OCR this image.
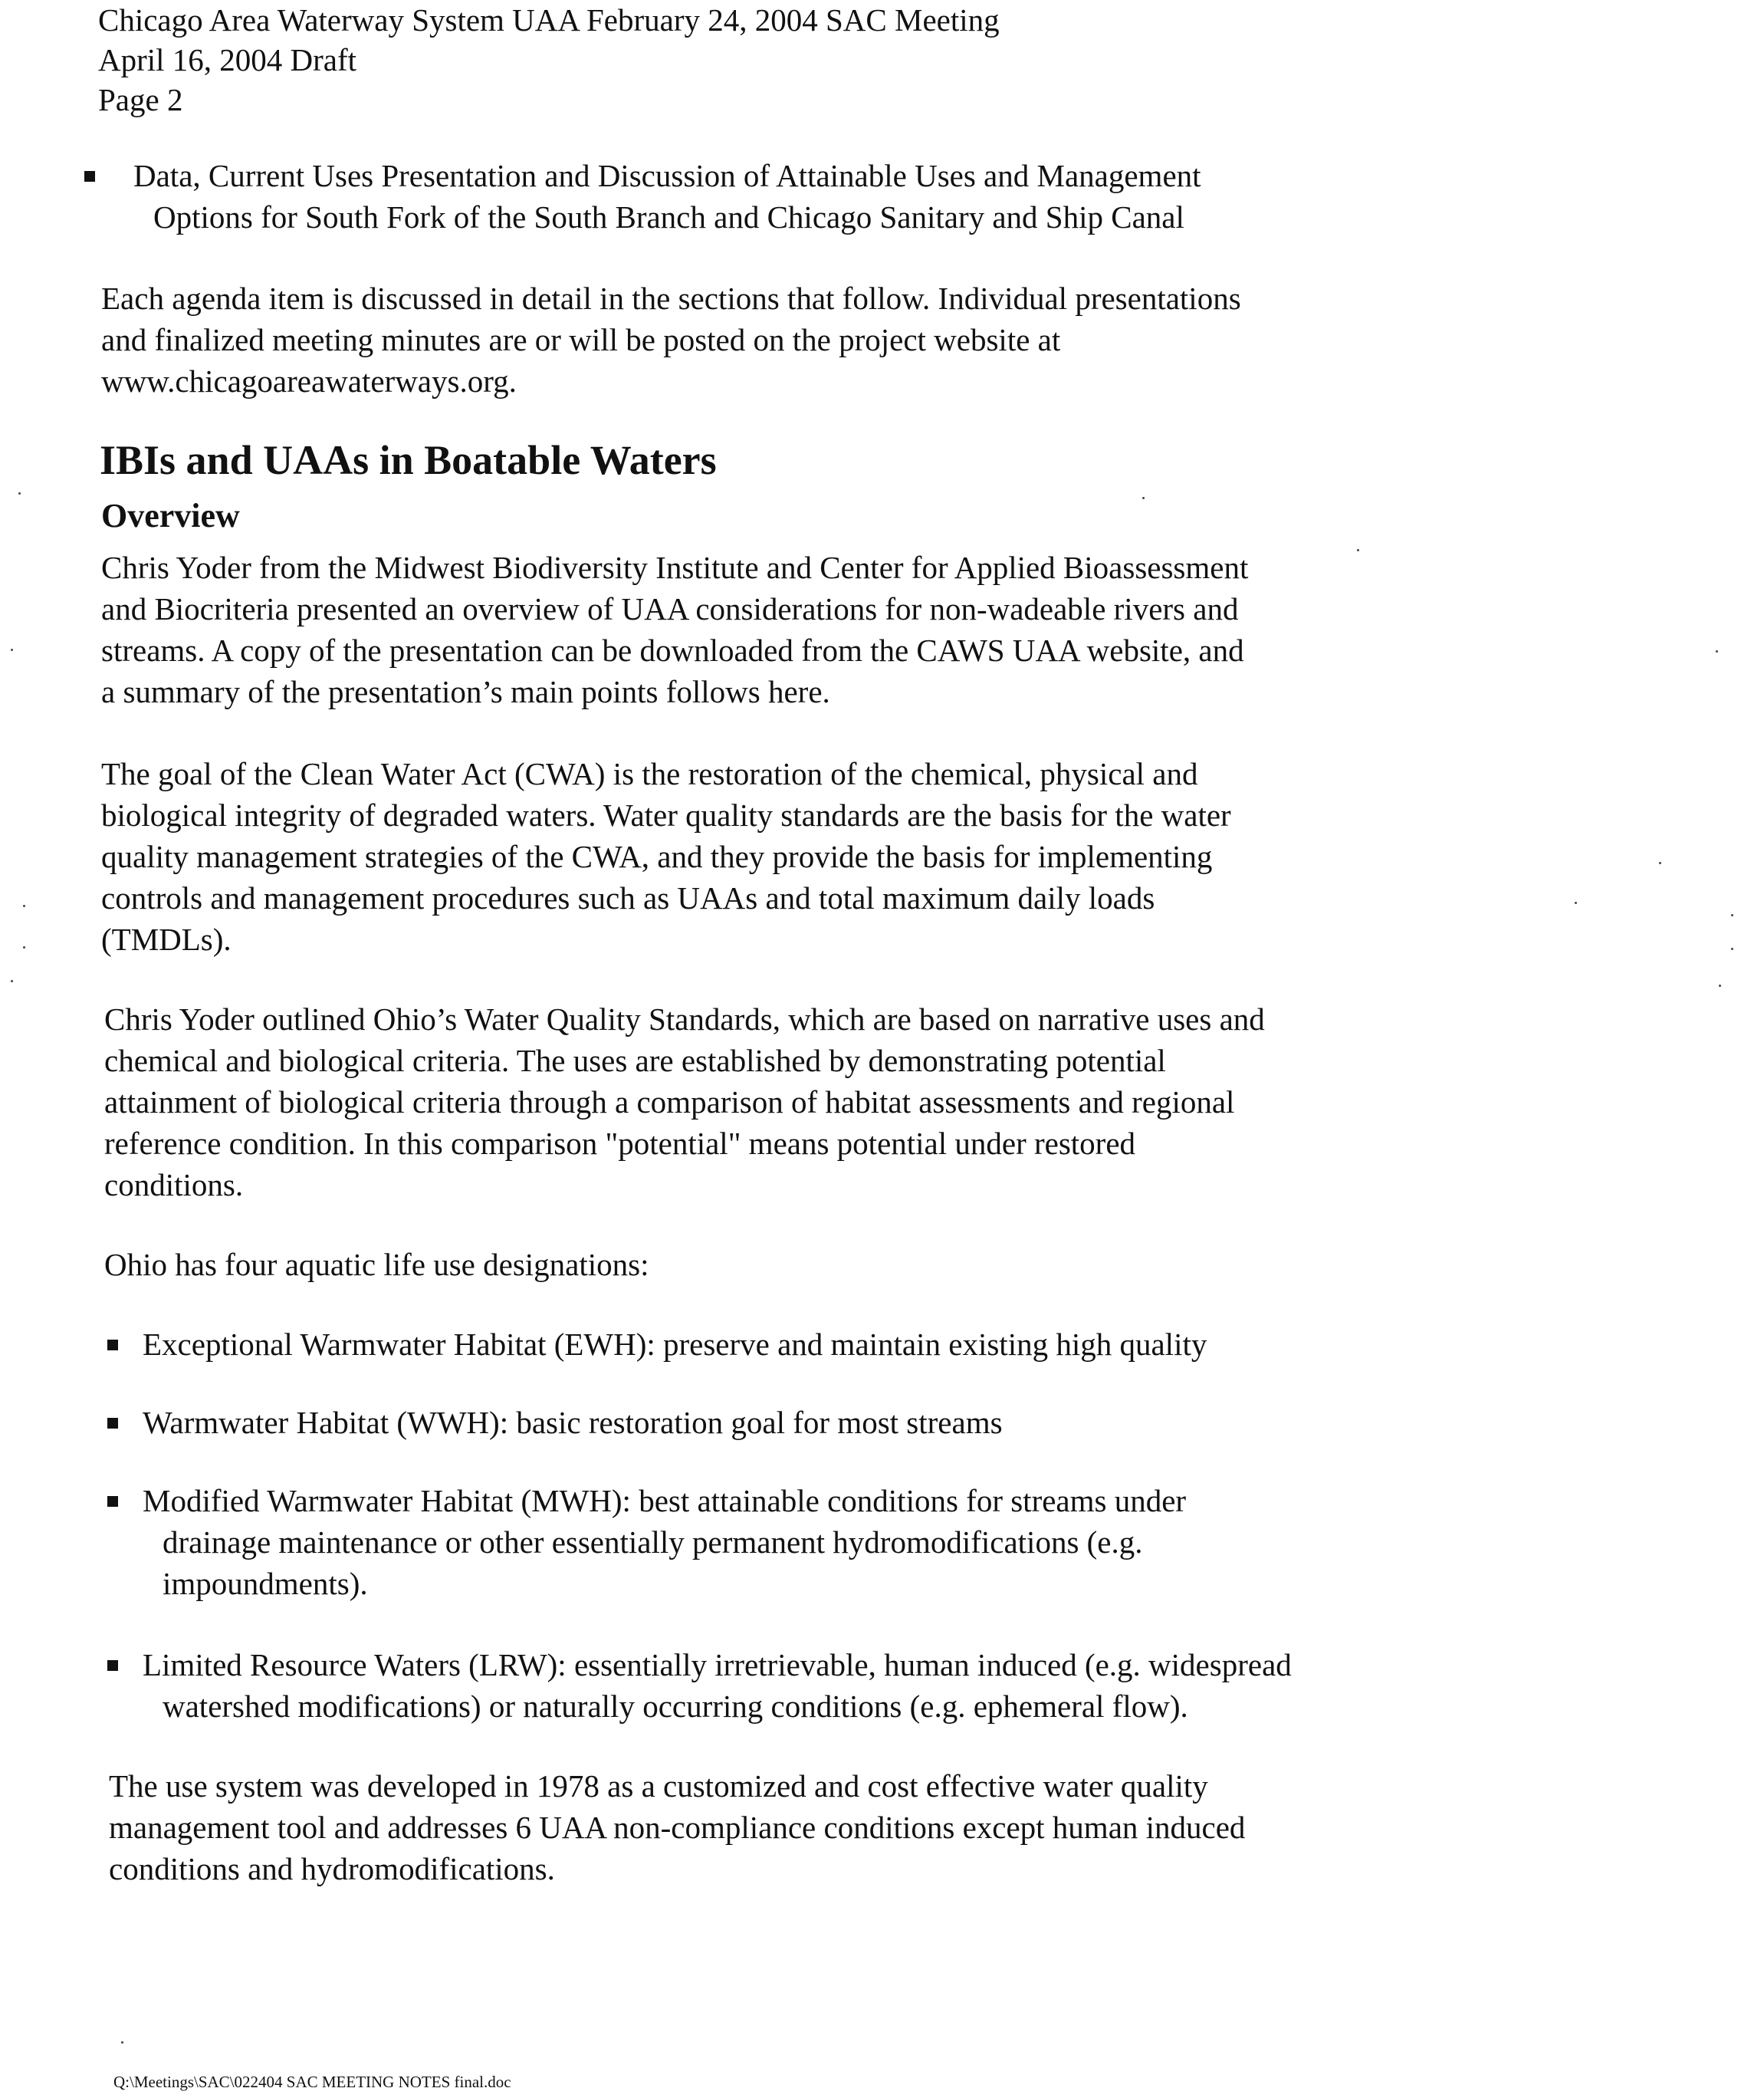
Chicago Area Waterway System UAA February 24, 2004 SAC Meeting
April 16, 2004 Draft
Page 2
Data, Current Uses Presentation and Discussion of Attainable Uses and Management
Options for South Fork of the South Branch and Chicago Sanitary and Ship Canal
Each agenda item is discussed in detail in the sections that follow. Individual presentations
and finalized meeting minutes are or will be posted on the project website at
www.chicagoareawaterways.org.
IBIs and UAAs in Boatable Waters
Overview
Chris Yoder from the Midwest Biodiversity Institute and Center for Applied Bioassessment
and Biocriteria presented an overview of UAA considerations for non-wadeable rivers and
streams. A copy of the presentation can be downloaded from the CAWS UAA website, and
a summary of the presentation’s main points follows here.
The goal of the Clean Water Act (CWA) is the restoration of the chemical, physical and
biological integrity of degraded waters. Water quality standards are the basis for the water
quality management strategies of the CWA, and they provide the basis for implementing
controls and management procedures such as UAAs and total maximum daily loads
(TMDLs).
Chris Yoder outlined Ohio’s Water Quality Standards, which are based on narrative uses and
chemical and biological criteria. The uses are established by demonstrating potential
attainment of biological criteria through a comparison of habitat assessments and regional
reference condition. In this comparison "potential" means potential under restored
conditions.
Ohio has four aquatic life use designations:
Exceptional Warmwater Habitat (EWH): preserve and maintain existing high quality
Warmwater Habitat (WWH): basic restoration goal for most streams
Modified Warmwater Habitat (MWH): best attainable conditions for streams under
drainage maintenance or other essentially permanent hydromodifications (e.g.
impoundments).
Limited Resource Waters (LRW): essentially irretrievable, human induced (e.g. widespread
watershed modifications) or naturally occurring conditions (e.g. ephemeral flow).
The use system was developed in 1978 as a customized and cost effective water quality
management tool and addresses 6 UAA non-compliance conditions except human induced
conditions and hydromodifications.
Q:\Meetings\SAC\022404 SAC MEETING NOTES final.doc
